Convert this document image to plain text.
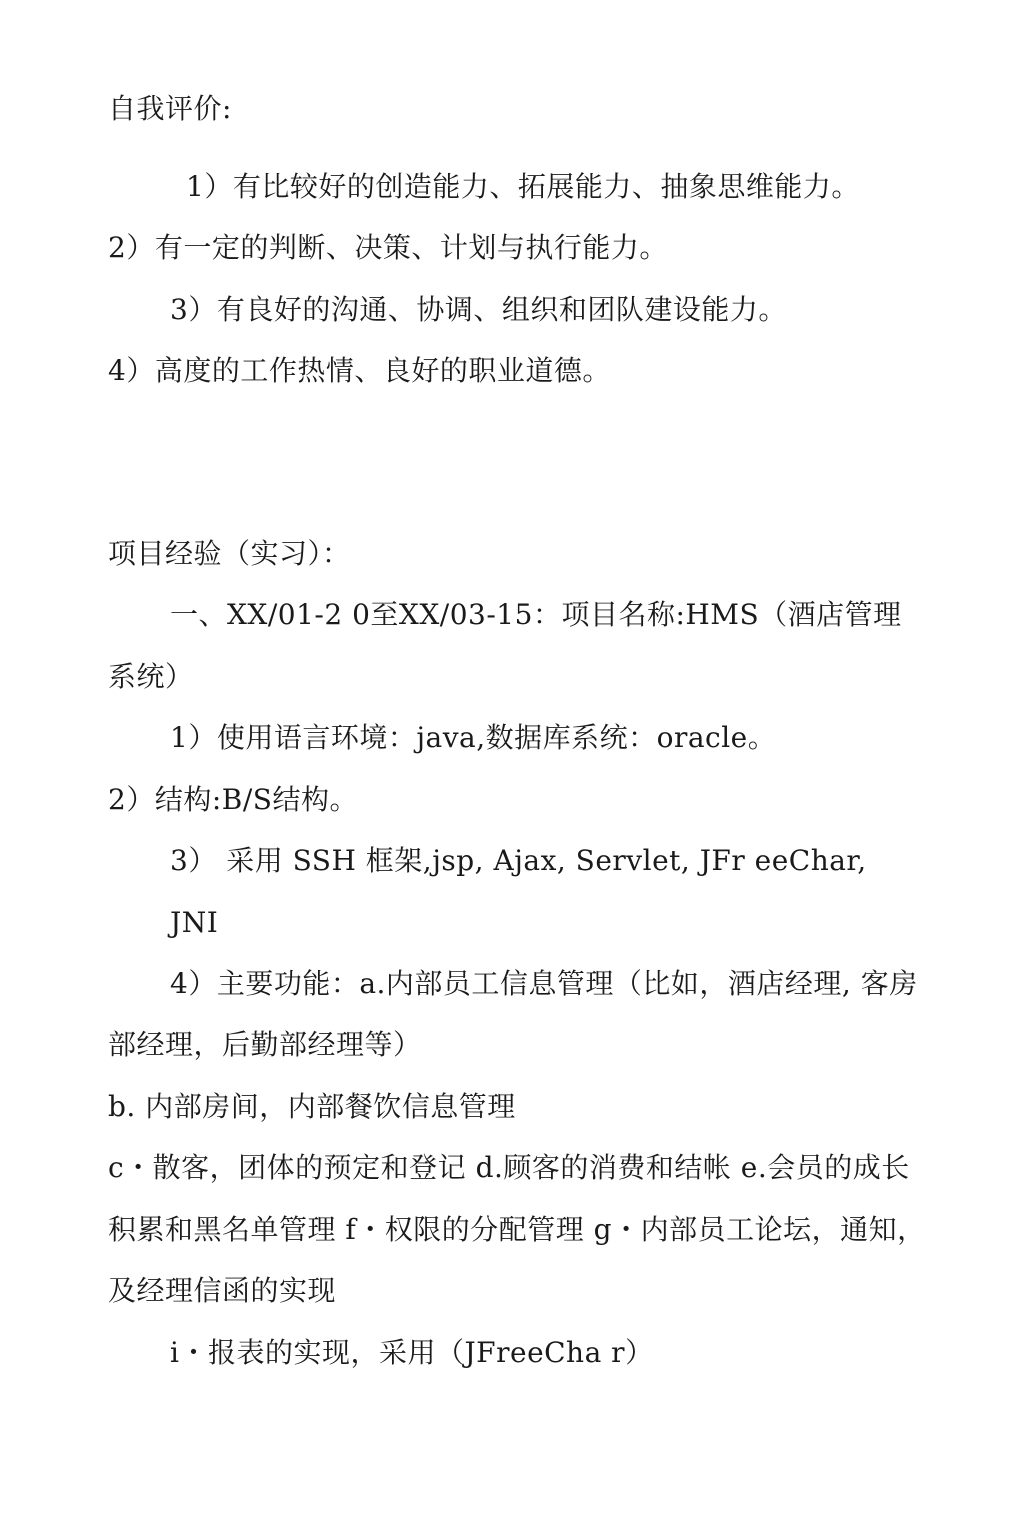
自我评价:
1）有比较好的创造能力、拓展能力、抽象思维能力。
2）有一定的判断、决策、计划与执行能力。
3）有良好的沟通、协调、组织和团队建设能力。
4）高度的工作热情、良好的职业道德。
项目经验（实习）：
一、XX/01-2 0至XX/03-15：项目名称:HMS（酒店管理
系统）
1）使用语言环境：java,数据库系统：oracle。
2）结构:B/S结构。
3） 采用 SSH 框架,jsp, Ajax, Servlet, JFr eeChar,
JNI
4）主要功能：a.内部员工信息管理（比如，酒店经理, 客房
部经理，后勤部经理等）
b. 内部房间，内部餐饮信息管理
c・散客，团体的预定和登记 d.顾客的消费和结帐 e.会员的成长
积累和黑名单管理 f・权限的分配管理 g・内部员工论坛，通知，
及经理信函的实现
i・报表的实现，采用（JFreeCha r）
